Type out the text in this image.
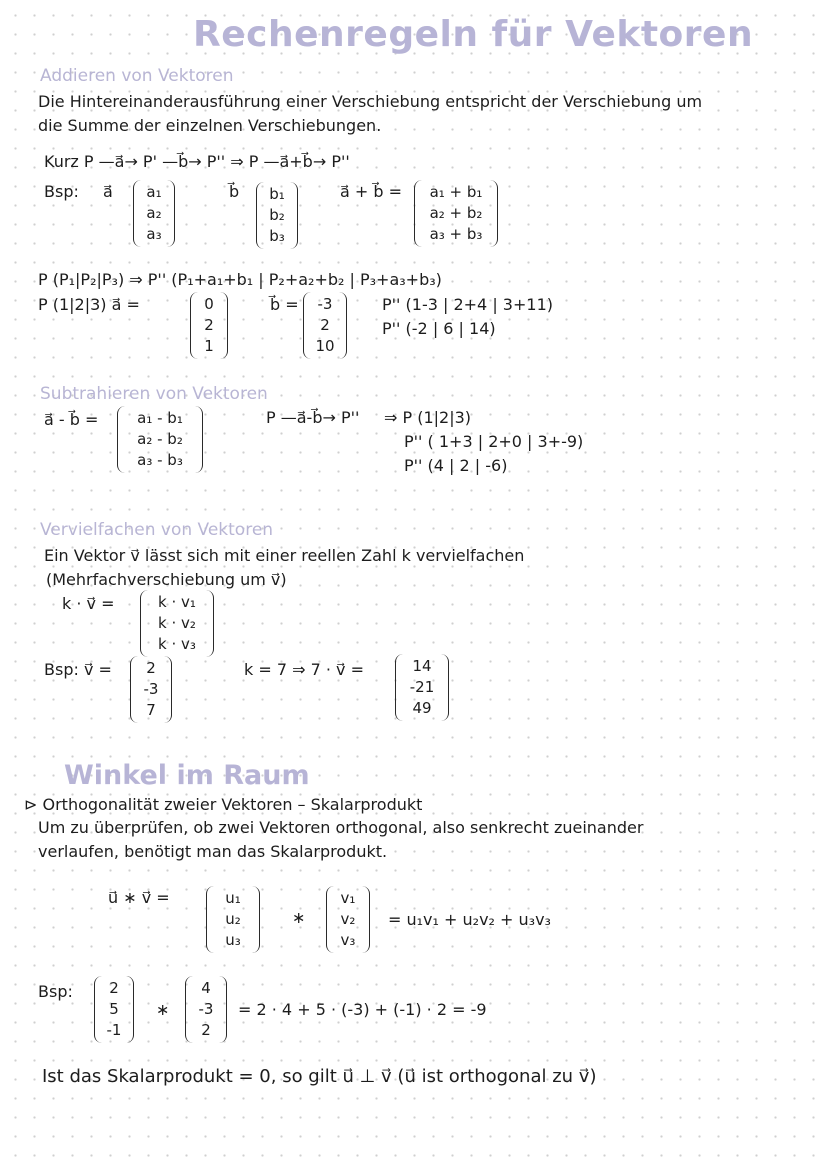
Rechenregeln für Vektoren
Addieren von Vektoren
Die Hintereinanderausführung einer Verschiebung entspricht der Verschiebung um
die Summe der einzelnen Verschiebungen.
Kurz P —a⃗→ P' —b⃗→ P'' ⇒ P —a⃗+b⃗→ P''
Bsp: a⃗ a₁
a₂
a₃
b⃗ b₁
b₂
b₃
a⃗ + b⃗ = a₁ + b₁
a₂ + b₂
a₃ + b₃
P (P₁|P₂|P₃) ⇒ P'' (P₁+a₁+b₁ | P₂+a₂+b₂ | P₃+a₃+b₃)
P (1|2|3) a⃗ =	0
2
1
b⃗ = -3
2
10
P'' (1-3 | 2+4 | 3+11)
P'' (-2 | 6 | 14)
Subtrahieren von Vektoren
a⃗ - b⃗ =	a₁ - b₁
a₂ - b₂
a₃ - b₃
P —a⃗-b⃗→ P'' ⇒ P (1|2|3)
P'' ( 1+3 | 2+0 | 3+-9)
P'' (4 | 2 | -6)
Vervielfachen von Vektoren
Ein Vektor v⃗ lässt sich mit einer reellen Zahl k vervielfachen
(Mehrfachverschiebung um v⃗)
k · v⃗ =	k · v₁
k · v₂
k · v₃
Bsp: v⃗ = 2
-3
7
k = 7 ⇒ 7 · v⃗ =	14
-21
49
Winkel im Raum
⊳ Orthogonalität zweier Vektoren – Skalarprodukt
Um zu überprüfen, ob zwei Vektoren orthogonal, also senkrecht zueinander
verlaufen, benötigt man das Skalarprodukt.
u⃗ ∗ v⃗ =	u₁
u₂
u₃
∗
v₁
v₂
v₃
= u₁v₁ + u₂v₂ + u₃v₃
Bsp: 2
5
-1
∗
4
-3
2
= 2 · 4 + 5 · (-3) + (-1) · 2 = -9
Ist das Skalarprodukt = 0, so gilt u⃗ ⊥ v⃗ (u⃗ ist orthogonal zu v⃗)
